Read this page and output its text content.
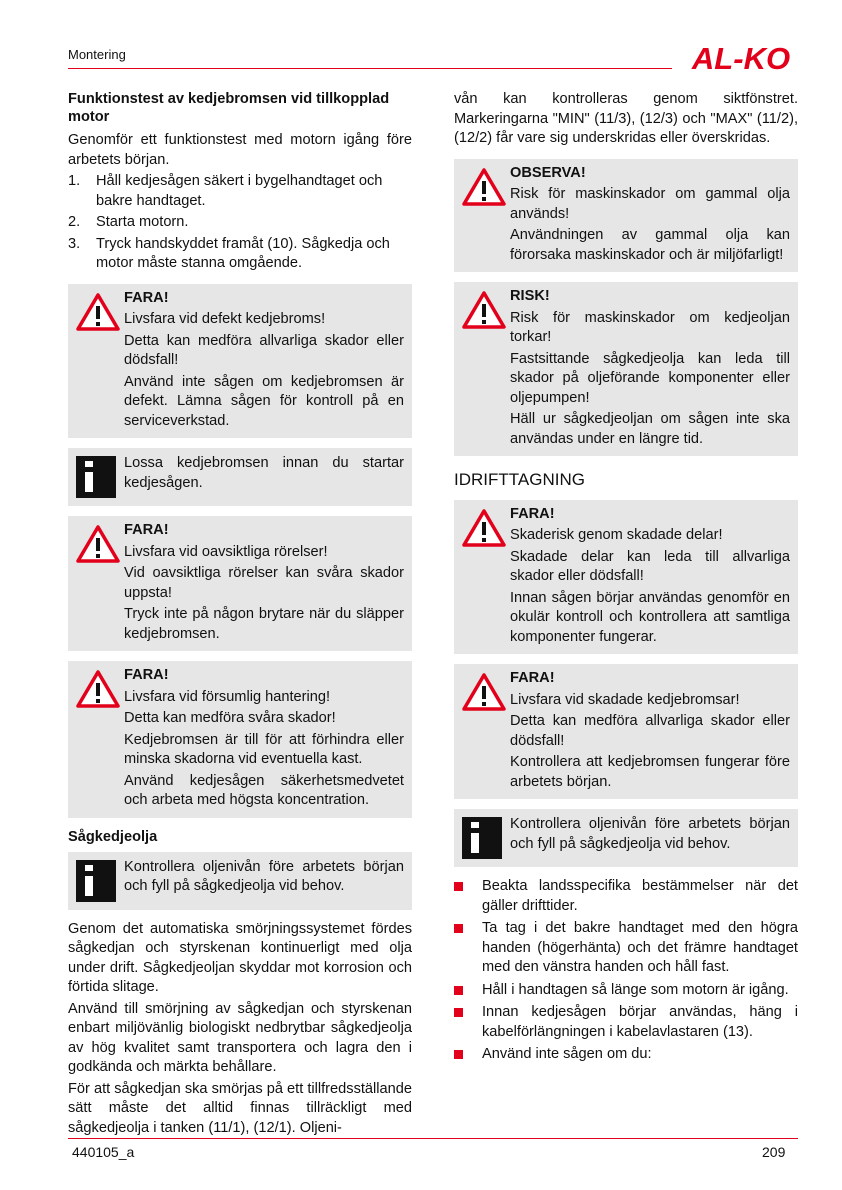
Montering	AL-KO
Funktionstest av kedjebromsen vid tillkopplad motor
Genomför ett funktionstest med motorn igång före arbetets början.
1. Håll kedjesågen säkert i bygelhandtaget och bakre handtaget.
2. Starta motorn.
3. Tryck handskyddet framåt (10). Sågkedja och motor måste stanna omgående.
FARA!
Livsfara vid defekt kedjebroms!
Detta kan medföra allvarliga skador eller dödsfall!
Använd inte sågen om kedjebromsen är defekt. Lämna sågen för kontroll på en serviceverkstad.
Lossa kedjebromsen innan du startar kedjesågen.
FARA!
Livsfara vid oavsiktliga rörelser!
Vid oavsiktliga rörelser kan svåra skador uppsta!
Tryck inte på någon brytare när du släpper kedjebromsen.
FARA!
Livsfara vid försumlig hantering!
Detta kan medföra svåra skador!
Kedjebromsen är till för att förhindra eller minska skadorna vid eventuella kast.
Använd kedjesågen säkerhetsmedvetet och arbeta med högsta koncentration.
Sågkedjeolja
Kontrollera oljenivån före arbetets början och fyll på sågkedjeolja vid behov.
Genom det automatiska smörjningssystemet fördes sågkedjan och styrskenan kontinuerligt med olja under drift. Sågkedjeoljan skyddar mot korrosion och förtida slitage.
Använd till smörjning av sågkedjan och styrskenan enbart miljövänlig biologiskt nedbrytbar sågkedjeolja av hög kvalitet samt transportera och lagra den i godkända och märkta behållare.
För att sågkedjan ska smörjas på ett tillfredsställande sätt måste det alltid finnas tillräckligt med sågkedjeolja i tanken (11/1), (12/1). Oljeni-
vån kan kontrolleras genom siktfönstret. Markeringarna "MIN" (11/3), (12/3) och "MAX" (11/2), (12/2) får vare sig underskridas eller överskridas.
OBSERVA!
Risk för maskinskador om gammal olja används!
Användningen av gammal olja kan förorsaka maskinskador och är miljöfarligt!
RISK!
Risk för maskinskador om kedjeoljan torkar!
Fastsittande sågkedjeolja kan leda till skador på oljeförande komponenter eller oljepumpen!
Häll ur sågkedjeoljan om sågen inte ska användas under en längre tid.
IDRIFTTAGNING
FARA!
Skaderisk genom skadade delar!
Skadade delar kan leda till allvarliga skador eller dödsfall!
Innan sågen börjar användas genomför en okulär kontroll och kontrollera att samtliga komponenter fungerar.
FARA!
Livsfara vid skadade kedjebromsar!
Detta kan medföra allvarliga skador eller dödsfall!
Kontrollera att kedjebromsen fungerar före arbetets början.
Kontrollera oljenivån före arbetets början och fyll på sågkedjeolja vid behov.
Beakta landsspecifika bestämmelser när det gäller drifttider.
Ta tag i det bakre handtaget med den högra handen (högerhänta) och det främre handtaget med den vänstra handen och håll fast.
Håll i handtagen så länge som motorn är igång.
Innan kedjesågen börjar användas, häng i kabelförlängningen i kabelavlastaren (13).
Använd inte sågen om du:
440105_a	209
